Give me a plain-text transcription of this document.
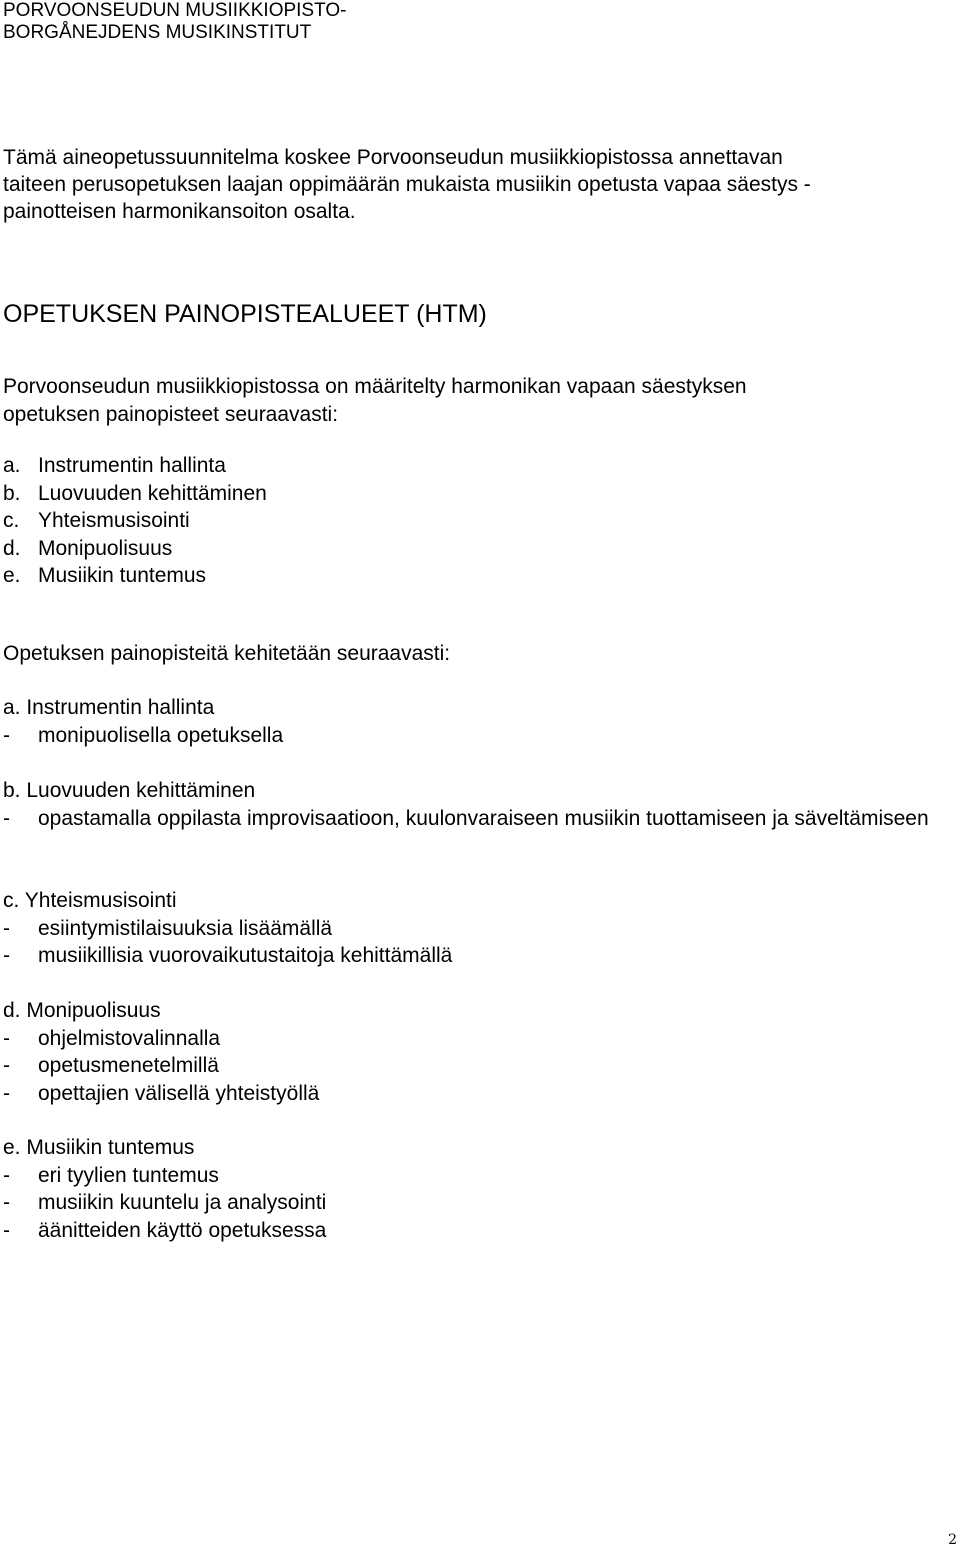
PORVOONSEUDUN MUSIIKKIOPISTO-
BORGÅNEJDENS MUSIKINSTITUT
Tämä aineopetussuunnitelma koskee Porvoonseudun musiikkiopistossa annettavan
taiteen perusopetuksen laajan oppimäärän mukaista musiikin opetusta vapaa säestys -
painotteisen harmonikansoiton osalta.
OPETUKSEN PAINOPISTEALUEET (HTM)
Porvoonseudun musiikkiopistossa on määritelty harmonikan vapaan säestyksen
opetuksen painopisteet seuraavasti:
a. Instrumentin hallinta
b. Luovuuden kehittäminen
c. Yhteismusisointi
d. Monipuolisuus
e. Musiikin tuntemus
Opetuksen painopisteitä kehitetään seuraavasti:
a. Instrumentin hallinta
-	monipuolisella opetuksella
b. Luovuuden kehittäminen
-	opastamalla oppilasta improvisaatioon, kuulonvaraiseen musiikin tuottamiseen ja säveltämiseen
c. Yhteismusisointi
-	esiintymistilaisuuksia lisäämällä
-	musiikillisia vuorovaikutustaitoja kehittämällä
d. Monipuolisuus
-	ohjelmistovalinnalla
-	opetusmenetelmillä
-	opettajien välisellä yhteistyöllä
e. Musiikin tuntemus
-	eri tyylien tuntemus
-	musiikin kuuntelu ja analysointi
-	äänitteiden käyttö opetuksessa
2
